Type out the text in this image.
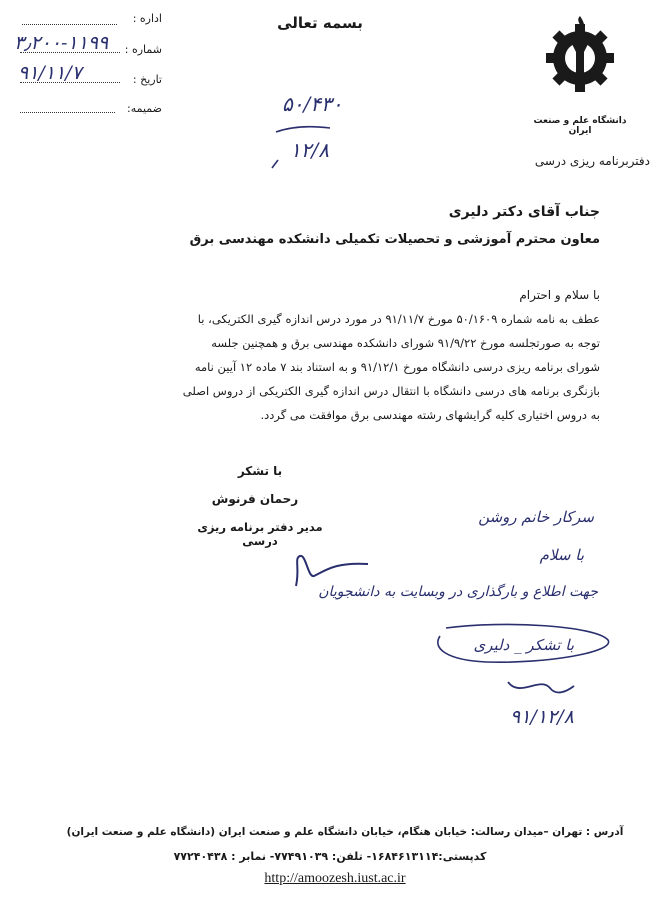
بسمه تعالی
اداره :
۳٫۲۰۰-۱۱۹۹ شماره :
۹۱/۱۱/۷	تاریخ :
ضمیمه:
دانشگاه علم و صنعت ایران
دفتربرنامه ریزی درسی
۵۰/۴۳۰
۱۲/۸
جناب آقای دکتر دلیری
معاون محترم آموزشی و تحصیلات تکمیلی دانشکده مهندسی برق
با سلام و احترام
عطف به نامه شماره ۵۰/۱۶۰۹ مورخ ۹۱/۱۱/۷ در مورد درس اندازه گیری الکتریکی، با
توجه به صورتجلسه مورخ ۹۱/۹/۲۲ شورای دانشکده مهندسی برق و همچنین جلسه
شورای برنامه ریزی درسی دانشگاه مورخ ۹۱/۱۲/۱ و به استناد بند ۷ ماده ۱۲ آیین نامه
بازنگری برنامه های درسی دانشگاه با انتقال درس اندازه گیری الکتریکی از دروس اصلی
به دروس اختیاری کلیه گرایشهای رشته مهندسی برق موافقت می گردد.
با تشکر
رحمان فرنوش
مدیر دفتر برنامه ریزی درسی
سرکار خانم روشن
با سلام
جهت اطلاع و بارگذاری در وبسایت به دانشجویان
با تشکر _ دلیری
۹۱/۱۲/۸
آدرس : تهران –میدان رسالت: خیابان هنگام، خیابان دانشگاه علم و صنعت ایران (دانشگاه علم و صنعت ایران)
کدپستی:۱۶۸۴۶۱۳۱۱۴- تلفن: ۷۷۴۹۱۰۳۹- نمابر : ۷۷۲۴۰۴۳۸
http://amoozesh.iust.ac.ir
